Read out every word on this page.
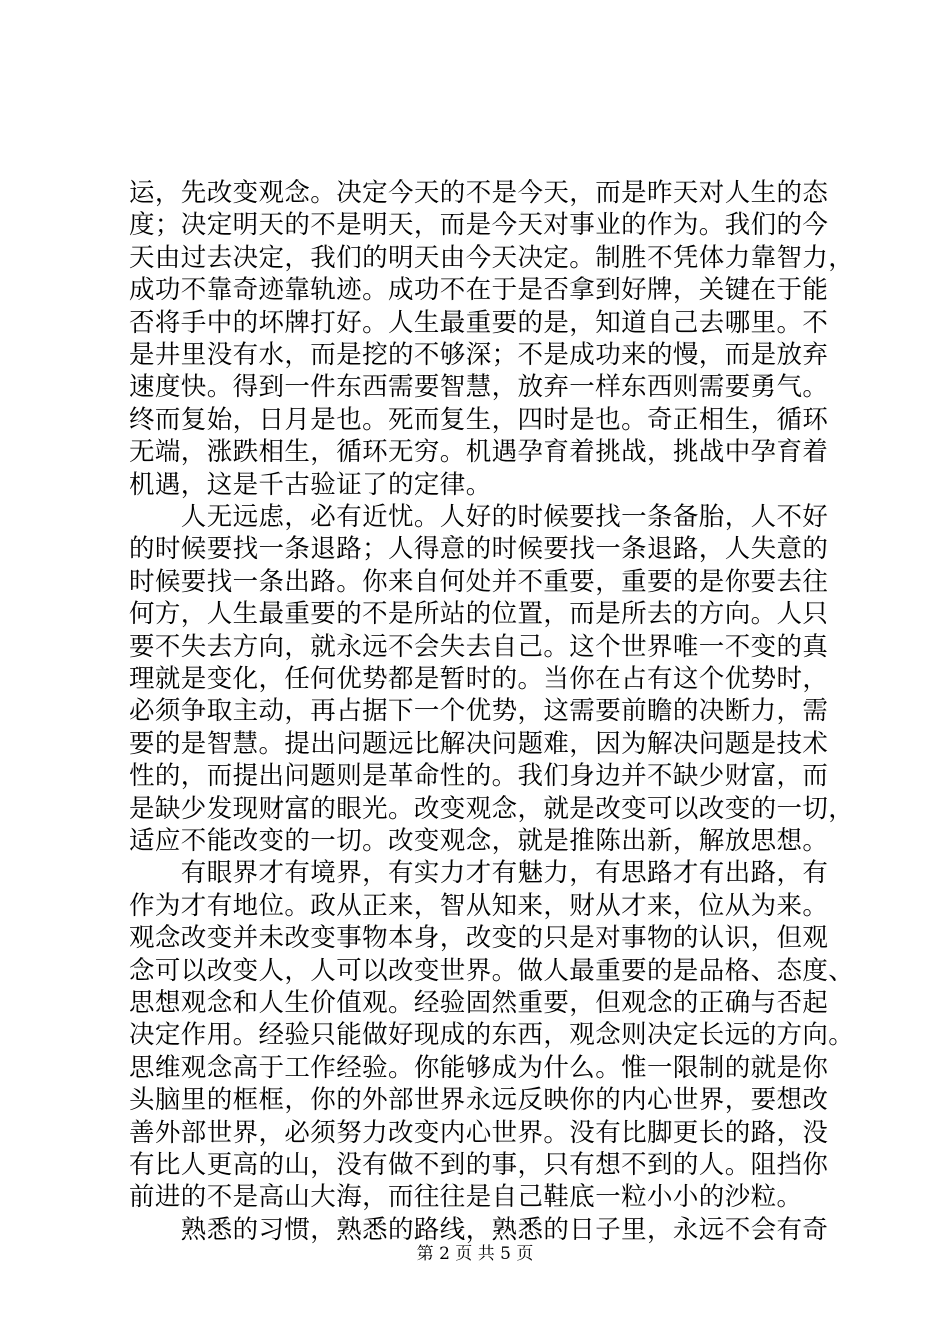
运，先改变观念。决定今天的不是今天，而是昨天对人生的态
度；决定明天的不是明天，而是今天对事业的作为。我们的今
天由过去决定，我们的明天由今天决定。制胜不凭体力靠智力，
成功不靠奇迹靠轨迹。成功不在于是否拿到好牌，关键在于能
否将手中的坏牌打好。人生最重要的是，知道自己去哪里。不
是井里没有水，而是挖的不够深；不是成功来的慢，而是放弃
速度快。得到一件东西需要智慧，放弃一样东西则需要勇气。
终而复始，日月是也。死而复生，四时是也。奇正相生，循环
无端，涨跌相生，循环无穷。机遇孕育着挑战，挑战中孕育着
机遇，这是千古验证了的定律。
　　人无远虑，必有近忧。人好的时候要找一条备胎，人不好
的时候要找一条退路；人得意的时候要找一条退路，人失意的
时候要找一条出路。你来自何处并不重要，重要的是你要去往
何方，人生最重要的不是所站的位置，而是所去的方向。人只
要不失去方向，就永远不会失去自己。这个世界唯一不变的真
理就是变化，任何优势都是暂时的。当你在占有这个优势时，
必须争取主动，再占据下一个优势，这需要前瞻的决断力，需
要的是智慧。提出问题远比解决问题难，因为解决问题是技术
性的，而提出问题则是革命性的。我们身边并不缺少财富，而
是缺少发现财富的眼光。改变观念，就是改变可以改变的一切，
适应不能改变的一切。改变观念，就是推陈出新，解放思想。
　　有眼界才有境界，有实力才有魅力，有思路才有出路，有
作为才有地位。政从正来，智从知来，财从才来，位从为来。
观念改变并未改变事物本身，改变的只是对事物的认识，但观
念可以改变人，人可以改变世界。做人最重要的是品格、态度、
思想观念和人生价值观。经验固然重要，但观念的正确与否起
决定作用。经验只能做好现成的东西，观念则决定长远的方向。
思维观念高于工作经验。你能够成为什么。惟一限制的就是你
头脑里的框框，你的外部世界永远反映你的内心世界，要想改
善外部世界，必须努力改变内心世界。没有比脚更长的路，没
有比人更高的山，没有做不到的事，只有想不到的人。阻挡你
前进的不是高山大海，而往往是自己鞋底一粒小小的沙粒。
　　熟悉的习惯，熟悉的路线，熟悉的日子里，永远不会有奇
第 2 页 共 5 页
